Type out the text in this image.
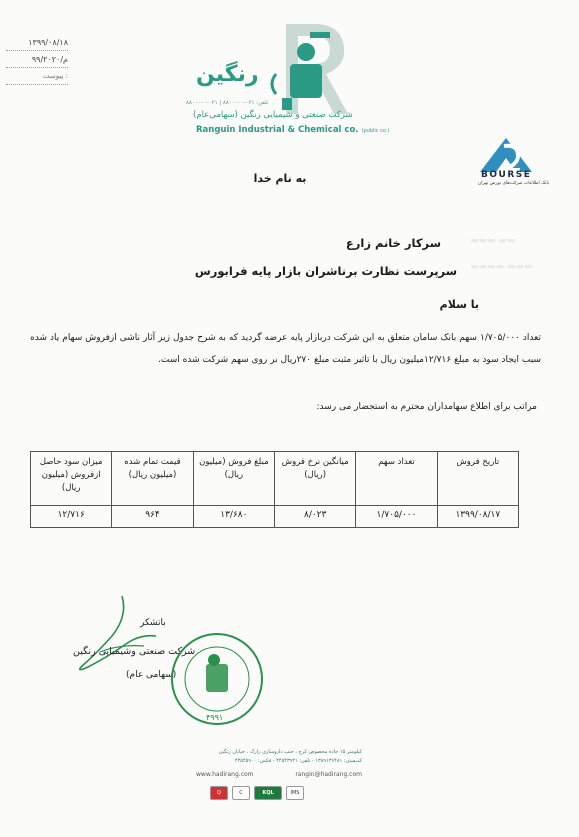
▬▬▬ ▬▬
▬▬▬▬ ▬▬▬
۱۳۹۹/۰۸/۱۸
۹۹/م/۲۰۲۰
پیوست :	رنگین
تلفن: ۰۲۱-۸۸۰۰۰۰۰ | ۰۲۱-۸۸۰۰۰۰۰
شرکت صنعتی و شیمیایی رنگین (سهامی‌عام)
Ranguin Industrial & Chemical co. (public co.)
BOURSE
بانک اطلاعات شرکت‌های بورس تهران
به نام خدا
سرکار خانم زارع
سرپرست نظارت برناشران بازار پایه فرابورس
با سلام
تعداد ۱/۷۰۵/۰۰۰ سهم بانک سامان متعلق به این شرکت دربازار پایه عرضه گردید که به شرح جدول زیر آثار ناشی ازفروش سهام یاد شده سبب ایجاد سود به مبلغ ۱۲/۷۱۶میلیون ریال با تاثیر مثبت مبلغ ۲۷۰ریال بر روی سهم شرکت شده است.
مراتب برای اطلاع سهامداران محترم به استحضار می رسد:
تاریخ فروش	تعداد سهم	میانگین نرخ فروش (ریال)	مبلغ فروش (میلیون ریال)	قیمت تمام شده (میلیون ریال)	میزان سود حاصل ازفروش (میلیون ریال)
۱۳۹۹/۰۸/۱۷	۱/۷۰۵/۰۰۰	۸/۰۲۳	۱۳/۶۸۰	۹۶۴	۱۲/۷۱۶
باتشکر
شرکت صنعتی وشیمیایی رنگین
(سهامی عام)
۴۹۹۱
کیلومتر ۱۵ جاده مخصوص کرج ، جنب داروسازی رازک ، خیابان رنگین
کدپستی: ۱۳۸۹۱۳۶۴۸۱ - تلفن: ۴۴۵۴۳۹۲۱ - فکس: ۴۴۵۴۵۹۰۰
www.hadirang.com	rangin@hadirang.com
Q	C	KQL	IMS
